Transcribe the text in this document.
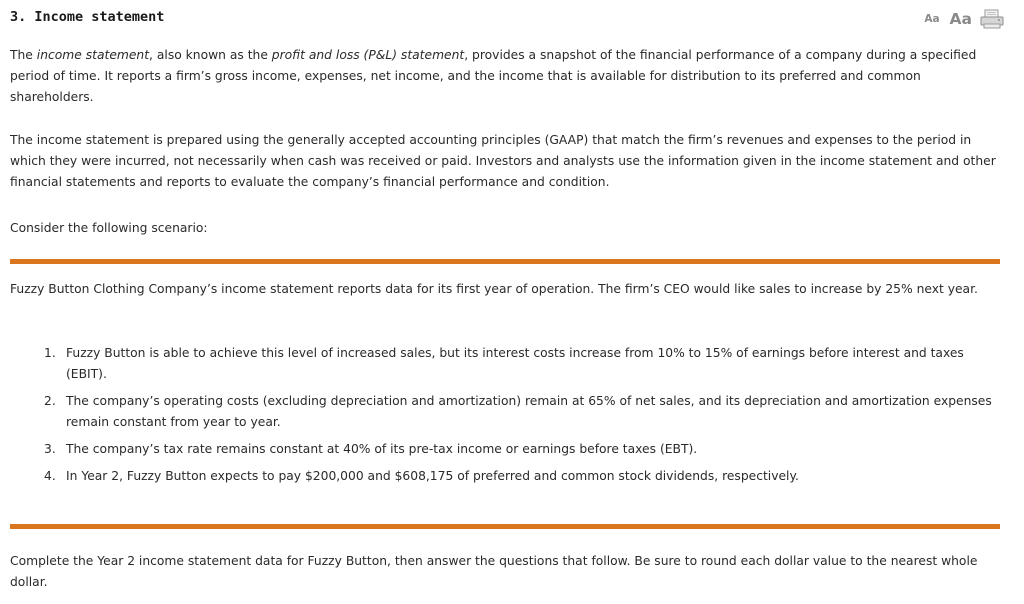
3. Income statement	Aa Aa

The income statement, also known as the profit and loss (P&L) statement, provides a snapshot of the financial performance of a company during a specified period of time. It reports a firm’s gross income, expenses, net income, and the income that is available for distribution to its preferred and common shareholders.

The income statement is prepared using the generally accepted accounting principles (GAAP) that match the firm’s revenues and expenses to the period in which they were incurred, not necessarily when cash was received or paid. Investors and analysts use the information given in the income statement and other financial statements and reports to evaluate the company’s financial performance and condition.

Consider the following scenario:

Fuzzy Button Clothing Company’s income statement reports data for its first year of operation. The firm’s CEO would like sales to increase by 25% next year.

1. Fuzzy Button is able to achieve this level of increased sales, but its interest costs increase from 10% to 15% of earnings before interest and taxes (EBIT).
2. The company’s operating costs (excluding depreciation and amortization) remain at 65% of net sales, and its depreciation and amortization expenses remain constant from year to year.
3. The company’s tax rate remains constant at 40% of its pre-tax income or earnings before taxes (EBT).
4. In Year 2, Fuzzy Button expects to pay $200,000 and $608,175 of preferred and common stock dividends, respectively.

Complete the Year 2 income statement data for Fuzzy Button, then answer the questions that follow. Be sure to round each dollar value to the nearest whole dollar.
